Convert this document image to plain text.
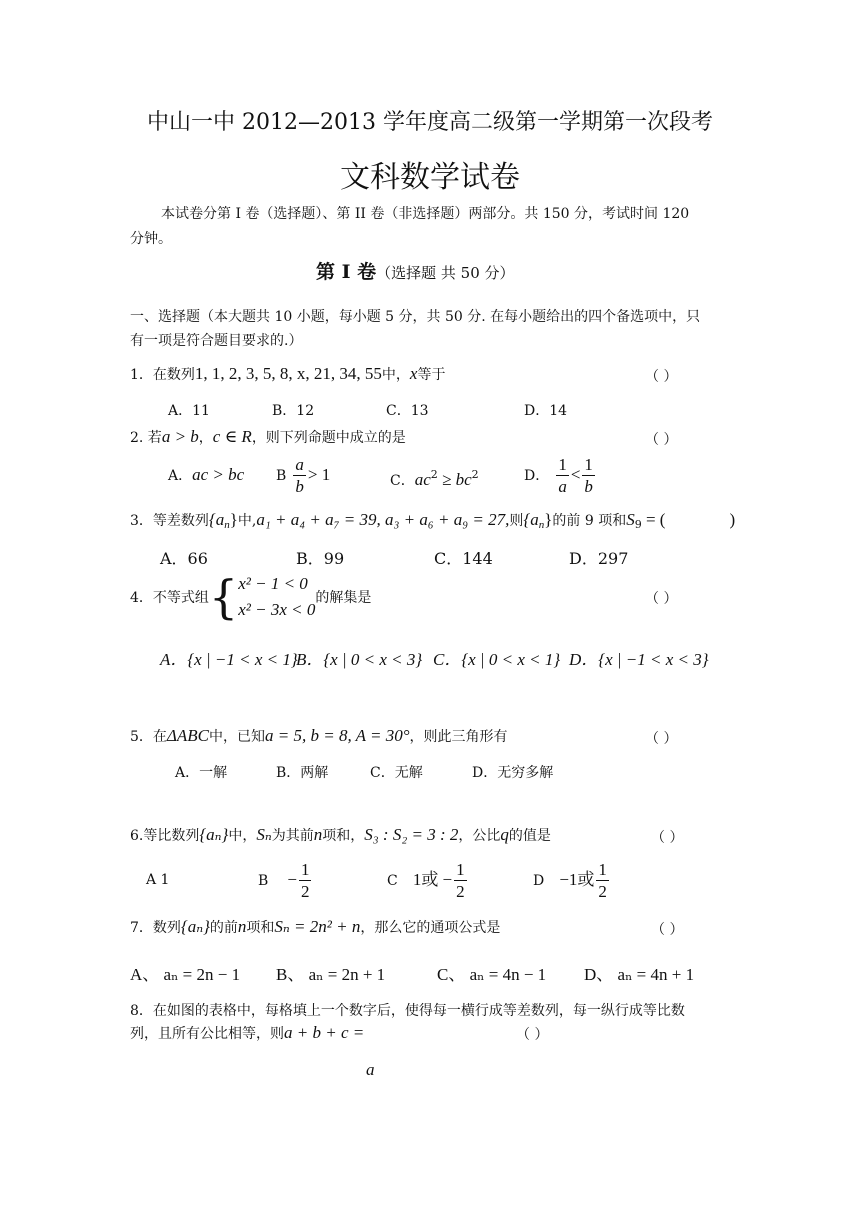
中山一中 2012—2013 学年度高二级第一学期第一次段考
文科数学试卷
本试卷分第 I 卷（选择题）、第 II 卷（非选择题）两部分。共 150 分，考试时间 120
分钟。
第 I 卷（选择题 共 50 分）
一、选择题（本大题共 10 小题，每小题 5 分，共 50 分. 在每小题给出的四个备选项中，只
有一项是符合题目要求的.）
1．在数列1, 1, 2, 3, 5, 8, x, 21, 34, 55中，x等于	（ ）
A．11	B．12	C．13	D．14
2. 若a > b，c ∈ R，则下列命题中成立的是	（ ）
A．ac > bc B $\frac{a}{b} > 1$	C．$ac^2 \ge bc^2$	D． $\frac{1}{a} < \frac{1}{b}$
3．等差数列$\{a_n\}$中,a₁ + a₄ + a₇ = 39, a₃ + a₆ + a₉ = 27,则$\{a_n\}$的前 9 项和$S_9$ = (	)
A．66	B．99	C．144	D．297
4．不等式组 { x² − 1 < 0
x² − 3x < 0
的解集是	（ ）
A．{x | −1 < x < 1}
B．{x | 0 < x < 3} C．{x | 0 < x < 1} D．{x | −1 < x < 3}
5．在ΔABC中，已知a = 5, b = 8, A = 30°，则此三角形有	（ ）
A．一解	B．两解	C．无解	D．无穷多解
6.等比数列{aₙ}中，Sₙ为其前n项和，S₃ : S₂ = 3 : 2，公比q的值是	（ ）
A 1	$B - \frac{1}{2}$	C 1或 − $\frac{1}{2}$	D −1或 $\frac{1}{2}$
7．数列{aₙ}的前n项和Sₙ = 2n² + n，那么它的通项公式是	（ ）
A、 aₙ = 2n − 1 B、 aₙ = 2n + 1	C、 aₙ = 4n − 1 D、 aₙ = 4n + 1
8．在如图的表格中，每格填上一个数字后，使得每一横行成等差数列，每一纵行成等比数
列，且所有公比相等，则a + b + c =	（ ）
a
